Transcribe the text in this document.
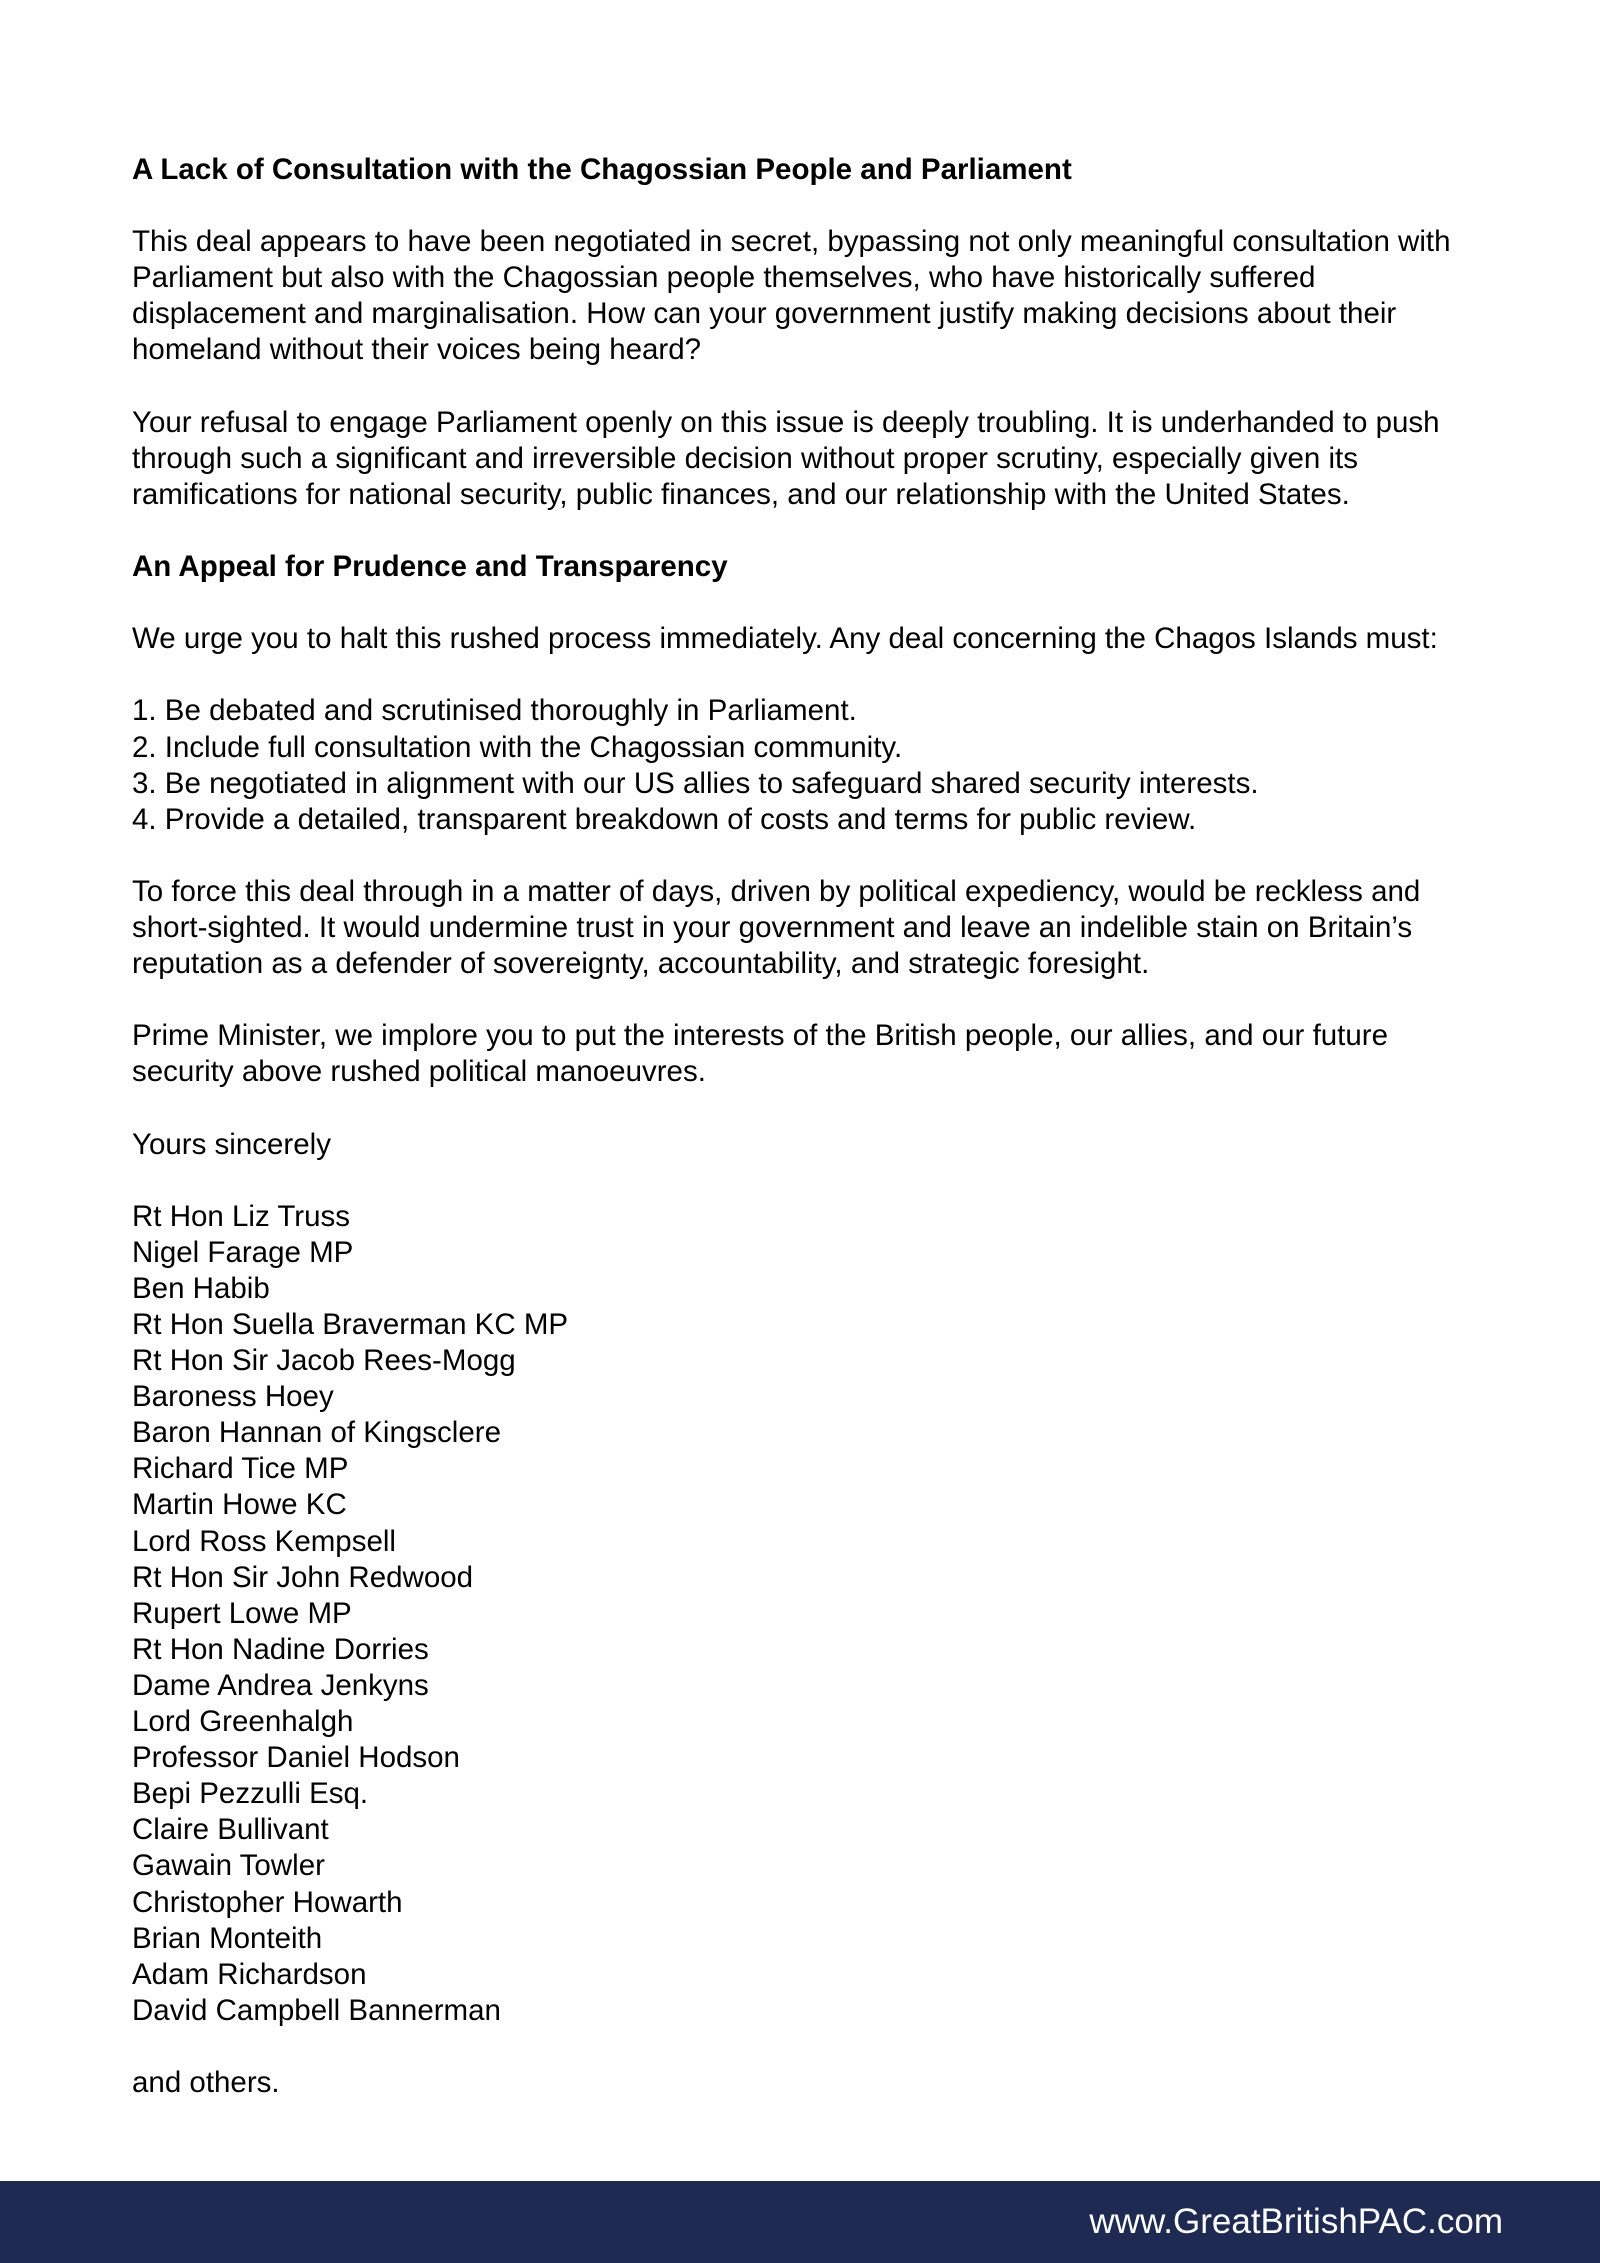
A Lack of Consultation with the Chagossian People and Parliament

This deal appears to have been negotiated in secret, bypassing not only meaningful consultation with Parliament but also with the Chagossian people themselves, who have historically suffered displacement and marginalisation. How can your government justify making decisions about their homeland without their voices being heard?

Your refusal to engage Parliament openly on this issue is deeply troubling. It is underhanded to push through such a significant and irreversible decision without proper scrutiny, especially given its ramifications for national security, public finances, and our relationship with the United States.

An Appeal for Prudence and Transparency

We urge you to halt this rushed process immediately. Any deal concerning the Chagos Islands must:

1. Be debated and scrutinised thoroughly in Parliament.

2. Include full consultation with the Chagossian community.

3. Be negotiated in alignment with our US allies to safeguard shared security interests.

4. Provide a detailed, transparent breakdown of costs and terms for public review.

To force this deal through in a matter of days, driven by political expediency, would be reckless and short-sighted. It would undermine trust in your government and leave an indelible stain on Britain’s reputation as a defender of sovereignty, accountability, and strategic foresight.

Prime Minister, we implore you to put the interests of the British people, our allies, and our future security above rushed political manoeuvres.

Yours sincerely

Rt Hon Liz Truss

Nigel Farage MP

Ben Habib

Rt Hon Suella Braverman KC MP

Rt Hon Sir Jacob Rees-Mogg

Baroness Hoey

Baron Hannan of Kingsclere

Richard Tice MP

Martin Howe KC

Lord Ross Kempsell

Rt Hon Sir John Redwood

Rupert Lowe MP

Rt Hon Nadine Dorries

Dame Andrea Jenkyns

Lord Greenhalgh

Professor Daniel Hodson

Bepi Pezzulli Esq.

Claire Bullivant

Gawain Towler

Christopher Howarth

Brian Monteith

Adam Richardson

David Campbell Bannerman

and others.

www.GreatBritishPAC.com
